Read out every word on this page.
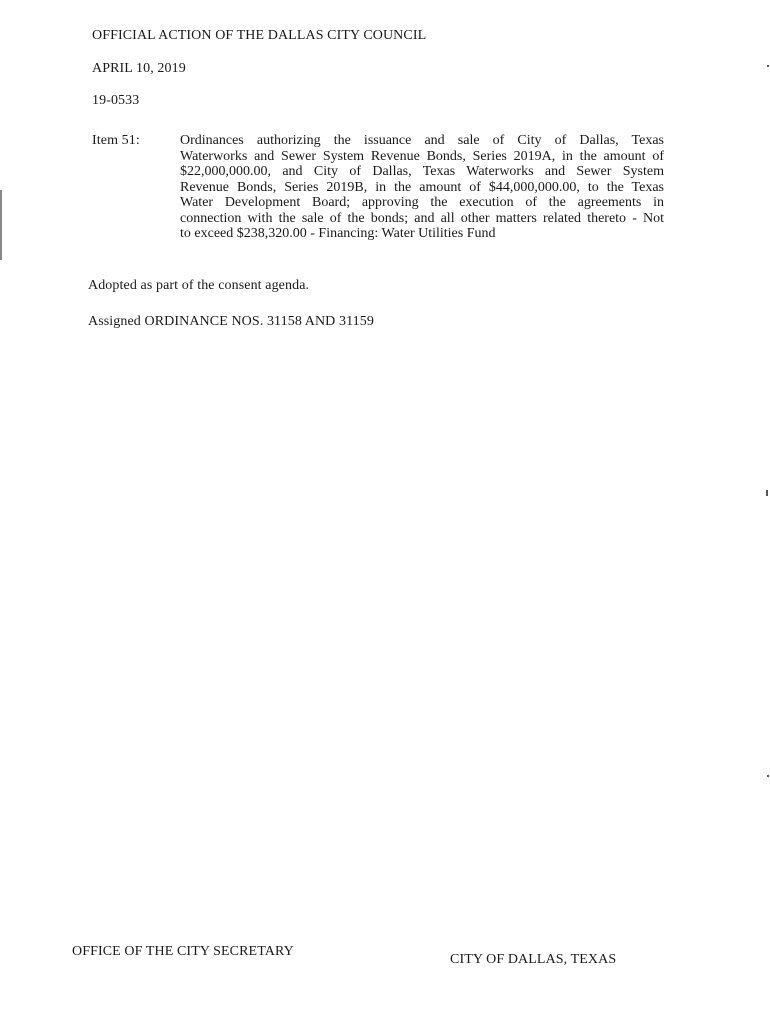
OFFICIAL ACTION OF THE DALLAS CITY COUNCIL
APRIL 10, 2019
19-0533
Item 51:	Ordinances authorizing the issuance and sale of City of Dallas, Texas
Waterworks and Sewer System Revenue Bonds, Series 2019A, in the amount of
$22,000,000.00, and City of Dallas, Texas Waterworks and Sewer System
Revenue Bonds, Series 2019B, in the amount of $44,000,000.00, to the Texas
Water Development Board; approving the execution of the agreements in
connection with the sale of the bonds; and all other matters related thereto - Not
to exceed $238,320.00 - Financing: Water Utilities Fund
Adopted as part of the consent agenda.
Assigned ORDINANCE NOS. 31158 AND 31159
OFFICE OF THE CITY SECRETARY
CITY OF DALLAS, TEXAS
